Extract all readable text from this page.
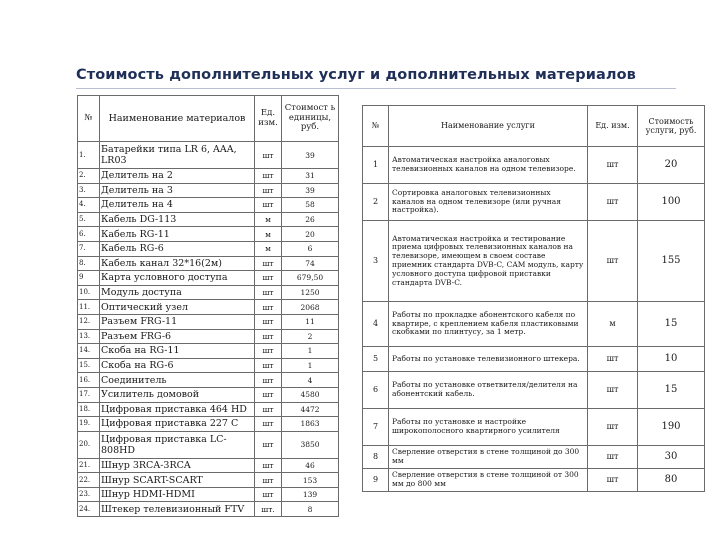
Стоимость дополнительных услуг и дополнительных материалов
№	Наименование материалов	Ед. изм.	Стоимост ь единицы, руб.
1.	Батарейки типа LR 6, AAA, LR03	шт	39
2.	Делитель на 2	шт	31
3.	Делитель на 3	шт	39
4.	Делитель на 4	шт	58
5.	Кабель DG-113	м	26
6.	Кабель RG-11	м	20
7.	Кабель RG-6	м	6
8.	Кабель канал 32*16(2м)	шт	74
9	Карта условного доступа	шт	679,50
10.	Модуль доступа	шт	1250
11.	Оптический узел	шт	2068
12.	Разъем FRG-11	шт	11
13.	Разъем FRG-6	шт	2
14.	Скоба на RG-11	шт	1
15.	Скоба на RG-6	шт	1
16.	Соединитель	шт	4
17.	Усилитель домовой	шт	4580
18.	Цифровая приставка 464 HD	шт	4472
19.	Цифровая приставка 227 С	шт	1863
20.	Цифровая приставка LC-808HD	шт	3850
21.	Шнур 3RCA-3RCA	шт	46
22.	Шнур SCART-SCART	шт	153
23.	Шнур HDMI-HDMI	шт	139
24.	Штекер телевизионный FTV	шт.	8
№	Наименование услуги	Ед. изм.	Стоимость услуги, руб.
1	Автоматическая настройка аналоговых телевизионных каналов на одном телевизоре.	шт	20
2	Сортировка аналоговых телевизионных каналов на одном телевизоре (или ручная настройка).	шт	100
3	Автоматическая настройка и тестирование приема цифровых телевизионных каналов на телевизоре, имеющем в своем составе приемник стандарта DVB-C, CAM модуль, карту условного доступа цифровой приставки стандарта DVB-C.	шт	155
4	Работы по прокладке абонентского кабеля по квартире, с креплением кабеля пластиковыми скобками по плинтусу, за 1 метр.	м	15
5	Работы по установке телевизионного штекера.	шт	10
6	Работы по установке ответвителя/делителя на абонентский кабель.	шт	15
7	Работы по установке и настройке широкополосного квартирного усилителя	шт	190
8	Сверление отверстия в стене толщиной до 300 мм	шт	30
9	Сверление отверстия в стене толщиной от 300 мм до 800 мм	шт	80
